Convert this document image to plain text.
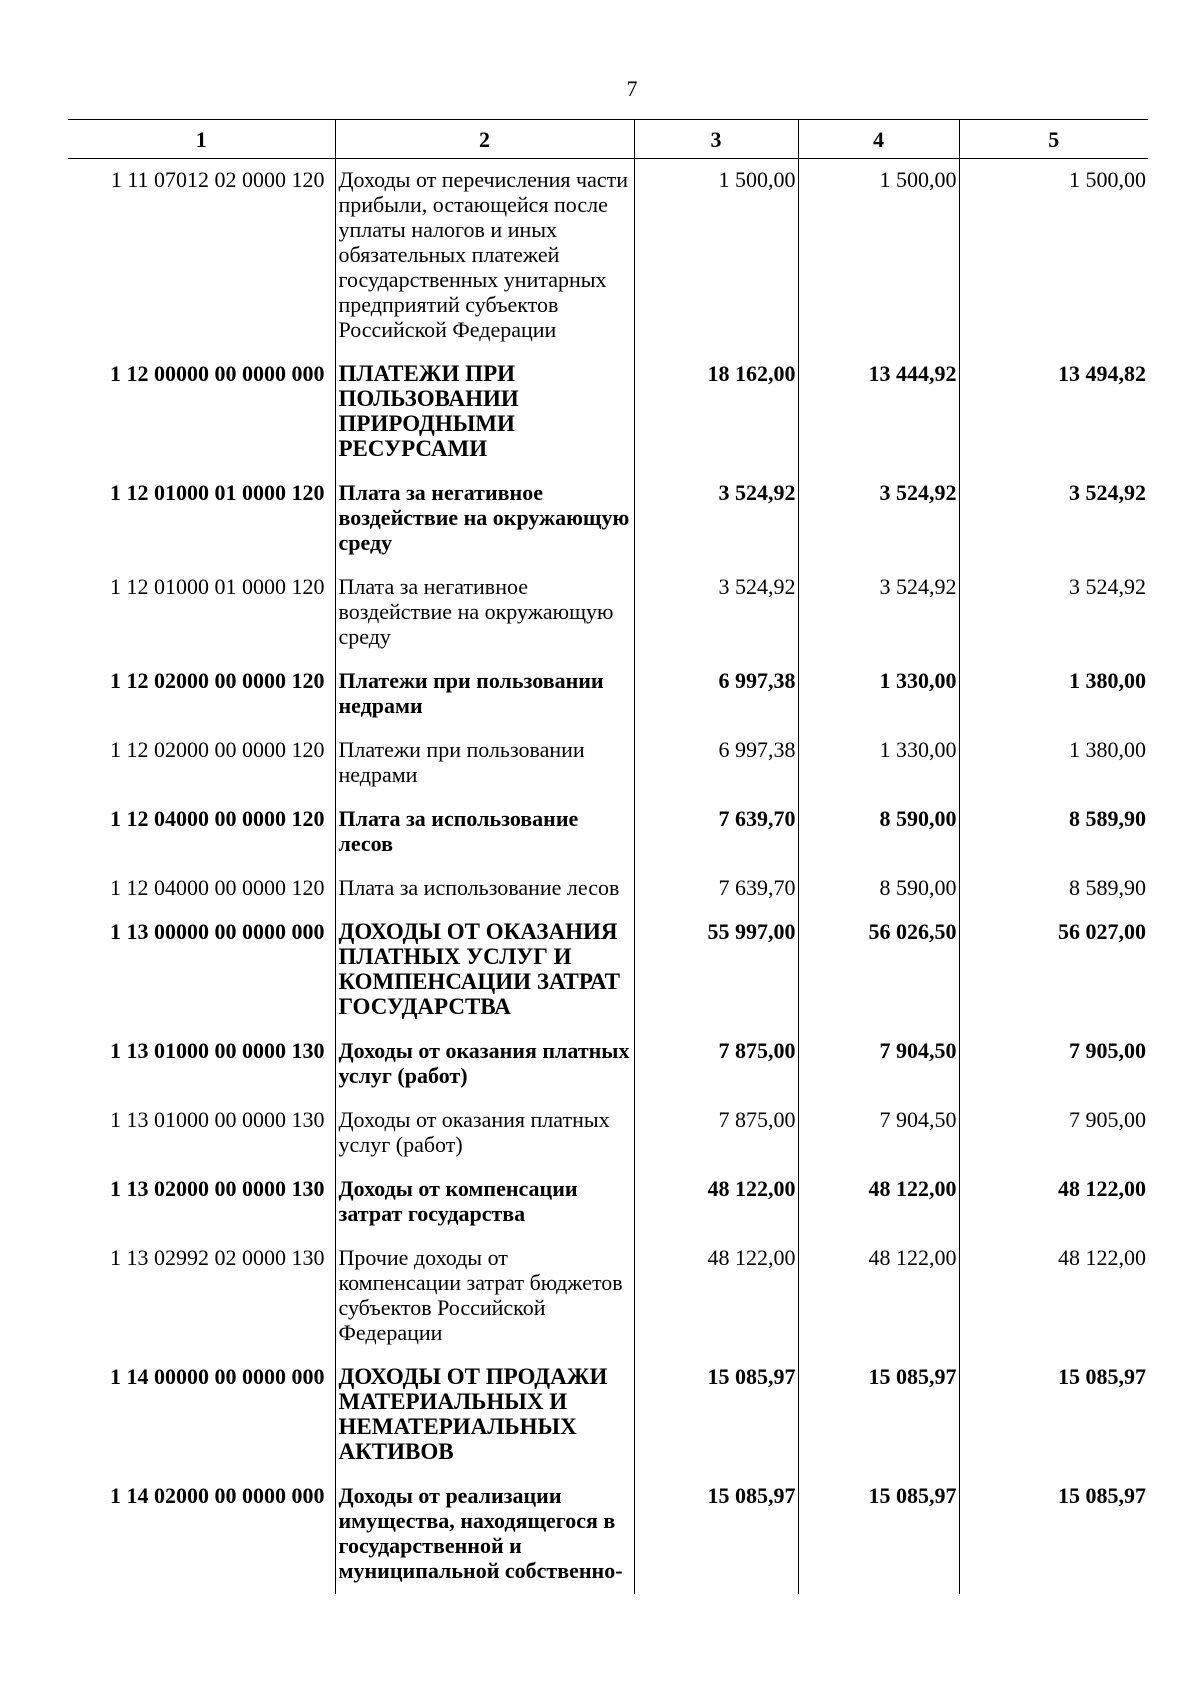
7
1	2	3	4	5
1 11 07012 02 0000 120	Доходы от перечисления части прибыли, остающейся после уплаты налогов и иных обязательных платежей государственных унитарных предприятий субъектов Российской Федерации	1 500,00	1 500,00	1 500,00
1 12 00000 00 0000 000	ПЛАТЕЖИ ПРИ ПОЛЬЗОВАНИИ ПРИРОДНЫМИ РЕСУРСАМИ	18 162,00	13 444,92	13 494,82
1 12 01000 01 0000 120	Плата за негативное воздействие на окружающую среду	3 524,92	3 524,92	3 524,92
1 12 01000 01 0000 120	Плата за негативное воздействие на окружающую среду	3 524,92	3 524,92	3 524,92
1 12 02000 00 0000 120	Платежи при пользовании недрами	6 997,38	1 330,00	1 380,00
1 12 02000 00 0000 120	Платежи при пользовании недрами	6 997,38	1 330,00	1 380,00
1 12 04000 00 0000 120	Плата за использование лесов	7 639,70	8 590,00	8 589,90
1 12 04000 00 0000 120	Плата за использование лесов	7 639,70	8 590,00	8 589,90
1 13 00000 00 0000 000	ДОХОДЫ ОТ ОКАЗАНИЯ ПЛАТНЫХ УСЛУГ И КОМПЕНСАЦИИ ЗАТРАТ ГОСУДАРСТВА	55 997,00	56 026,50	56 027,00
1 13 01000 00 0000 130	Доходы от оказания платных услуг (работ)	7 875,00	7 904,50	7 905,00
1 13 01000 00 0000 130	Доходы от оказания платных услуг (работ)	7 875,00	7 904,50	7 905,00
1 13 02000 00 0000 130	Доходы от компенсации затрат государства	48 122,00	48 122,00	48 122,00
1 13 02992 02 0000 130	Прочие доходы от компенсации затрат бюджетов субъектов Российской Федерации	48 122,00	48 122,00	48 122,00
1 14 00000 00 0000 000	ДОХОДЫ ОТ ПРОДАЖИ МАТЕРИАЛЬНЫХ И НЕМАТЕРИАЛЬНЫХ АКТИВОВ	15 085,97	15 085,97	15 085,97
1 14 02000 00 0000 000	Доходы от реализации имущества, находящегося в государственной и муниципальной собственно-	15 085,97	15 085,97	15 085,97
